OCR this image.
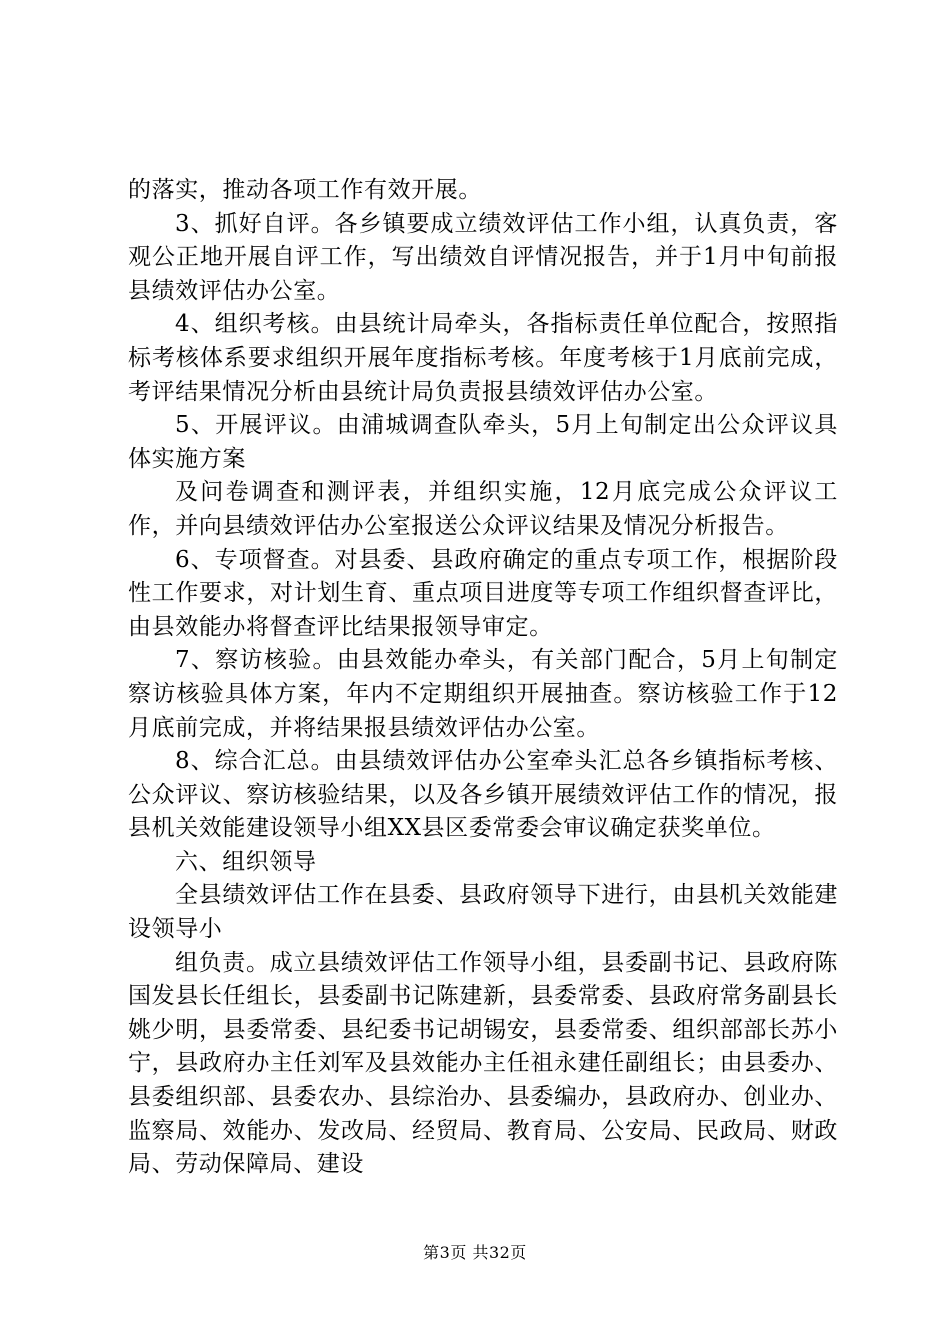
的落实，推动各项工作有效开展。

3、抓好自评。各乡镇要成立绩效评估工作小组，认真负责，客观公正地开展自评工作，写出绩效自评情况报告，并于1月中旬前报县绩效评估办公室。

4、组织考核。由县统计局牵头，各指标责任单位配合，按照指标考核体系要求组织开展年度指标考核。年度考核于1月底前完成，考评结果情况分析由县统计局负责报县绩效评估办公室。

5、开展评议。由浦城调查队牵头，5月上旬制定出公众评议具体实施方案

及问卷调查和测评表，并组织实施，12月底完成公众评议工作，并向县绩效评估办公室报送公众评议结果及情况分析报告。

6、专项督查。对县委、县政府确定的重点专项工作，根据阶段性工作要求，对计划生育、重点项目进度等专项工作组织督查评比，由县效能办将督查评比结果报领导审定。

7、察访核验。由县效能办牵头，有关部门配合，5月上旬制定察访核验具体方案，年内不定期组织开展抽查。察访核验工作于12月底前完成，并将结果报县绩效评估办公室。

8、综合汇总。由县绩效评估办公室牵头汇总各乡镇指标考核、公众评议、察访核验结果，以及各乡镇开展绩效评估工作的情况，报县机关效能建设领导小组XX县区委常委会审议确定获奖单位。

六、组织领导

全县绩效评估工作在县委、县政府领导下进行，由县机关效能建设领导小

组负责。成立县绩效评估工作领导小组，县委副书记、县政府陈国发县长任组长，县委副书记陈建新，县委常委、县政府常务副县长姚少明，县委常委、县纪委书记胡锡安，县委常委、组织部部长苏小宁，县政府办主任刘军及县效能办主任祖永建任副组长；由县委办、县委组织部、县委农办、县综治办、县委编办，县政府办、创业办、监察局、效能办、发改局、经贸局、教育局、公安局、民政局、财政局、劳动保障局、建设

第3页 共32页
